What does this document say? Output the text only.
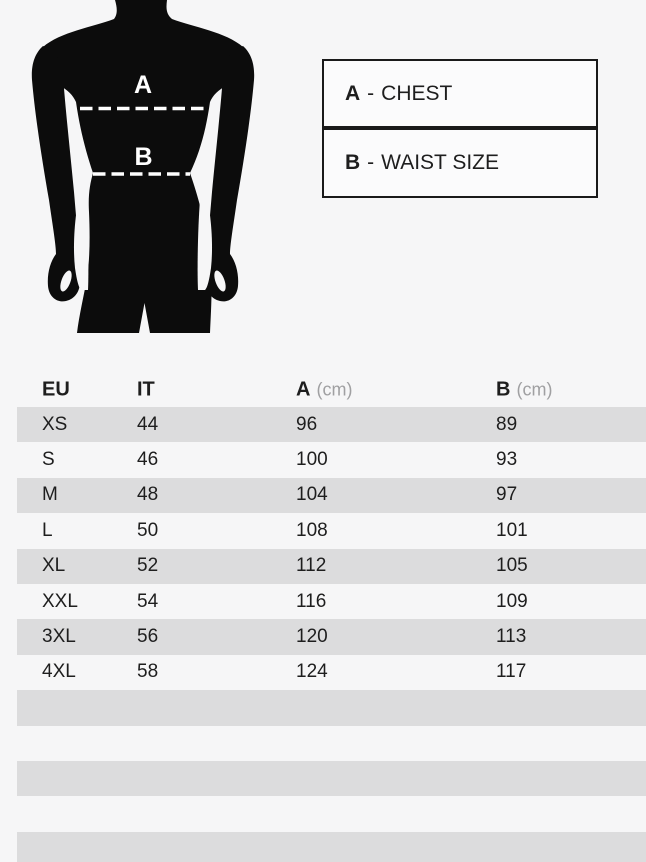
A
B
A - CHEST
B - WAIST SIZE
EU	IT	A (cm)	B (cm)
XS	44	96	89
S	46	100	93
M	48	104	97
L	50	108	101
XL	52	112	105
XXL	54	116	109
3XL	56	120	113
4XL	58	124	117
